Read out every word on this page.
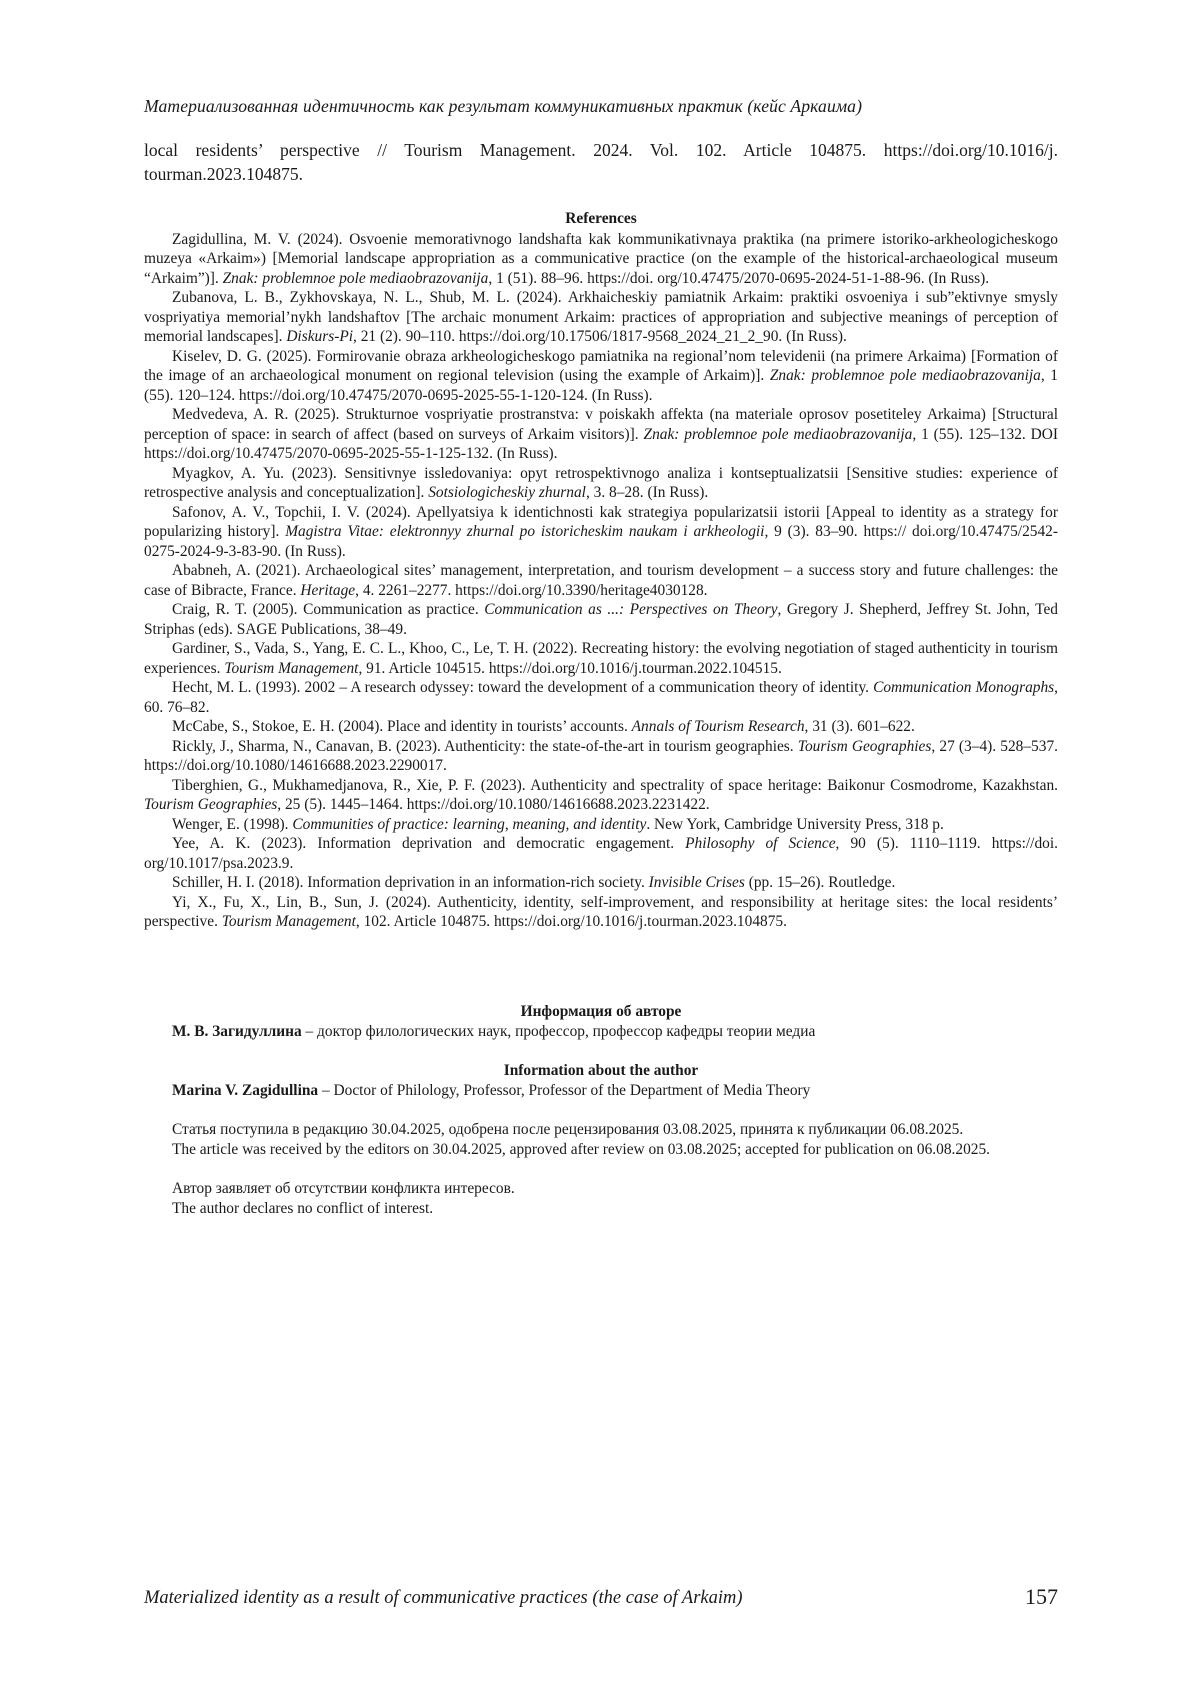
Материализованная идентичность как результат коммуникативных практик (кейс Аркаима)

local residents’ perspective // Tourism Management. 2024. Vol. 102. Article 104875. https://doi.org/10.1016/j. tourman.2023.104875.

References

Zagidullina, M. V. (2024). Osvoenie memorativnogo landshafta kak kommunikativnaya praktika (na primere istoriko-arkheologicheskogo muzeya «Arkaim») [Memorial landscape appropriation as a communicative practice (on the example of the historical-archaeological museum “Arkaim”)]. Znak: problemnoe pole mediaobrazovanija, 1 (51). 88–96. https://doi. org/10.47475/2070-0695-2024-51-1-88-96. (In Russ).

Zubanova, L. B., Zykhovskaya, N. L., Shub, M. L. (2024). Arkhaicheskiy pamiatnik Arkaim: praktiki osvoeniya i sub”ektivnye smysly vospriyatiya memorial’nykh landshaftov [The archaic monument Arkaim: practices of appropriation and subjective meanings of perception of memorial landscapes]. Diskurs-Pi, 21 (2). 90–110. https://doi.org/10.17506/1817-9568_2024_21_2_90. (In Russ).

Kiselev, D. G. (2025). Formirovanie obraza arkheologicheskogo pamiatnika na regional’nom televidenii (na primere Arkaima) [Formation of the image of an archaeological monument on regional television (using the example of Arkaim)]. Znak: problemnoe pole mediaobrazovanija, 1 (55). 120–124. https://doi.org/10.47475/2070-0695-2025-55-1-120-124. (In Russ).

Medvedeva, A. R. (2025). Strukturnoe vospriyatie prostranstva: v poiskakh affekta (na materiale oprosov posetiteley Arkaima) [Structural perception of space: in search of affect (based on surveys of Arkaim visitors)]. Znak: problemnoe pole mediaobrazovanija, 1 (55). 125–132. DOI https://doi.org/10.47475/2070-0695-2025-55-1-125-132. (In Russ).

Myagkov, A. Yu. (2023). Sensitivnye issledovaniya: opyt retrospektivnogo analiza i kontseptualizatsii [Sensitive studies: experience of retrospective analysis and conceptualization]. Sotsiologicheskiy zhurnal, 3. 8–28. (In Russ).

Safonov, A. V., Topchii, I. V. (2024). Apellyatsiya k identichnosti kak strategiya popularizatsii istorii [Appeal to identity as a strategy for popularizing history]. Magistra Vitae: elektronnyy zhurnal po istoricheskim naukam i arkheologii, 9 (3). 83–90. https:// doi.org/10.47475/2542-0275-2024-9-3-83-90. (In Russ).

Ababneh, A. (2021). Archaeological sites’ management, interpretation, and tourism development – a success story and future challenges: the case of Bibracte, France. Heritage, 4. 2261–2277. https://doi.org/10.3390/heritage4030128.

Craig, R. T. (2005). Communication as practice. Communication as ...: Perspectives on Theory, Gregory J. Shepherd, Jeffrey St. John, Ted Striphas (eds). SAGE Publications, 38–49.

Gardiner, S., Vada, S., Yang, E. C. L., Khoo, C., Le, T. H. (2022). Recreating history: the evolving negotiation of staged authenticity in tourism experiences. Tourism Management, 91. Article 104515. https://doi.org/10.1016/j.tourman.2022.104515.

Hecht, M. L. (1993). 2002 – A research odyssey: toward the development of a communication theory of identity. Communication Monographs, 60. 76–82.

McCabe, S., Stokoe, E. H. (2004). Place and identity in tourists’ accounts. Annals of Tourism Research, 31 (3). 601–622.

Rickly, J., Sharma, N., Canavan, B. (2023). Authenticity: the state-of-the-art in tourism geographies. Tourism Geographies, 27 (3–4). 528–537. https://doi.org/10.1080/14616688.2023.2290017.

Tiberghien, G., Mukhamedjanova, R., Xie, P. F. (2023). Authenticity and spectrality of space heritage: Baikonur Cosmodrome, Kazakhstan. Tourism Geographies, 25 (5). 1445–1464. https://doi.org/10.1080/14616688.2023.2231422.

Wenger, E. (1998). Communities of practice: learning, meaning, and identity. New York, Cambridge University Press, 318 p.

Yee, A. K. (2023). Information deprivation and democratic engagement. Philosophy of Science, 90 (5). 1110–1119. https://doi. org/10.1017/psa.2023.9.

Schiller, H. I. (2018). Information deprivation in an information-rich society. Invisible Crises (pp. 15–26). Routledge.

Yi, X., Fu, X., Lin, B., Sun, J. (2024). Authenticity, identity, self-improvement, and responsibility at heritage sites: the local residents’ perspective. Tourism Management, 102. Article 104875. https://doi.org/10.1016/j.tourman.2023.104875.

Информация об авторе

М. В. Загидуллина – доктор филологических наук, профессор, профессор кафедры теории медиа

Information about the author

Marina V. Zagidullina – Doctor of Philology, Professor, Professor of the Department of Media Theory

Статья поступила в редакцию 30.04.2025, одобрена после рецензирования 03.08.2025, принята к публикации 06.08.2025.

The article was received by the editors on 30.04.2025, approved after review on 03.08.2025; accepted for publication on 06.08.2025.

Автор заявляет об отсутствии конфликта интересов.

The author declares no conflict of interest.

Materialized identity as a result of communicative practices (the case of Arkaim)	157
